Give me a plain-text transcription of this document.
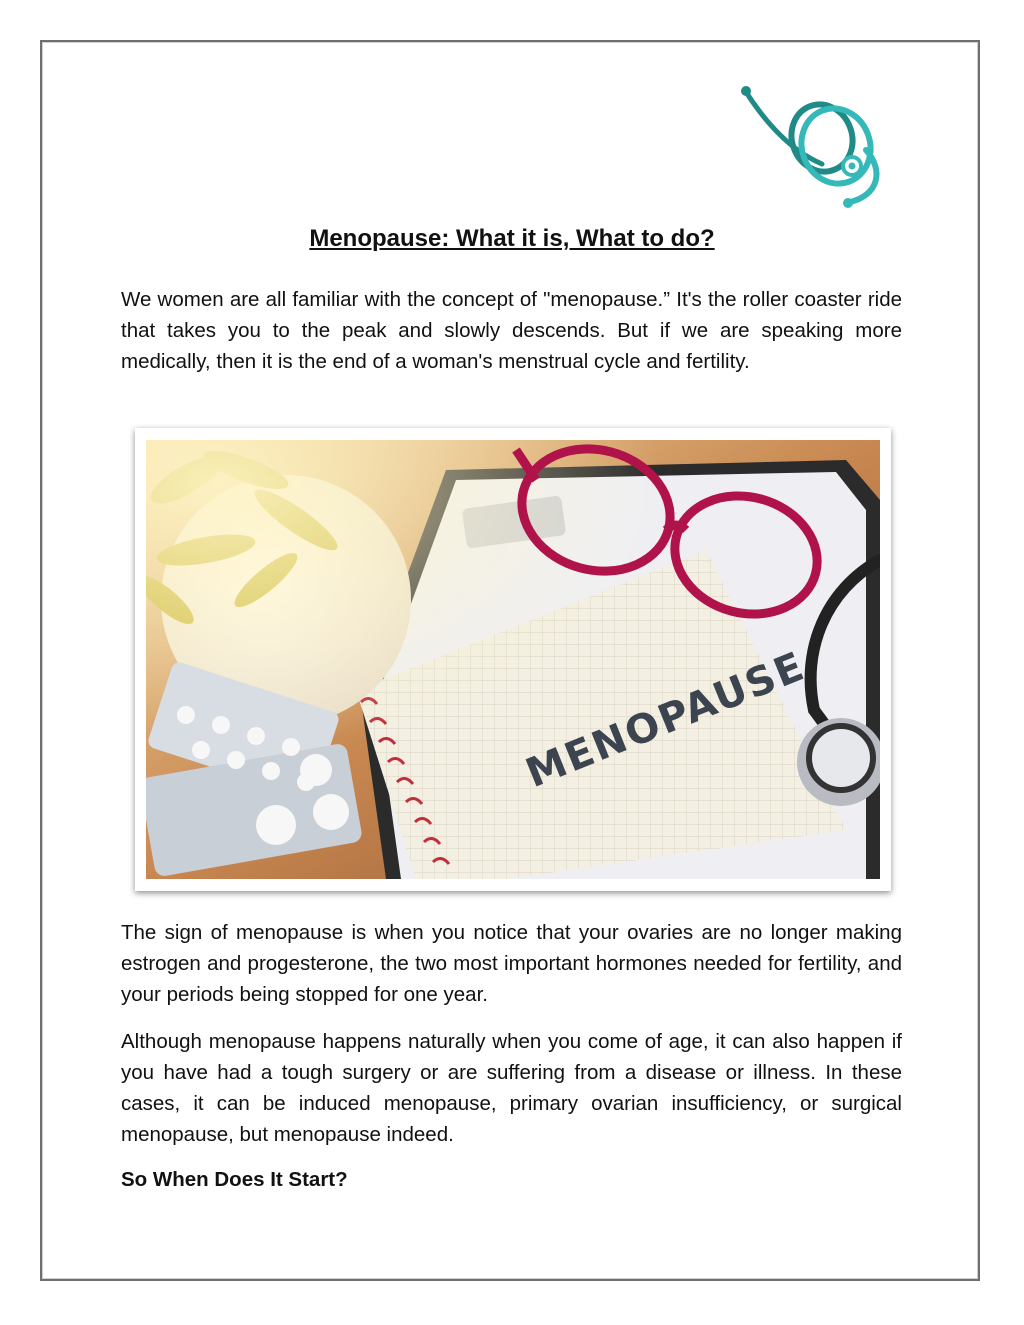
Menopause: What it is, What to do?

We women are all familiar with the concept of "menopause.” It's the roller coaster ride that takes you to the peak and slowly descends. But if we are speaking more medically, then it is the end of a woman's menstrual cycle and fertility.

The sign of menopause is when you notice that your ovaries are no longer making estrogen and progesterone, the two most important hormones needed for fertility, and your periods being stopped for one year.

Although menopause happens naturally when you come of age, it can also happen if you have had a tough surgery or are suffering from a disease or illness. In these cases, it can be induced menopause, primary ovarian insufficiency, or surgical menopause, but menopause indeed.

So When Does It Start?
